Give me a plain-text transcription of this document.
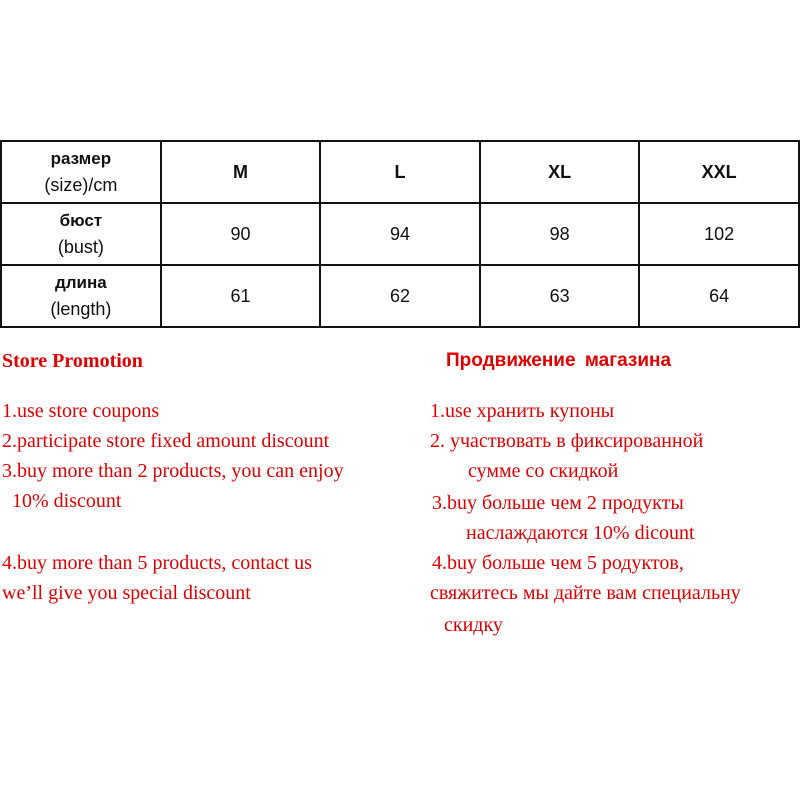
размер
(size)/cm	M	L	XL	XXL

бюст
(bust)	90	94	98	102

длина
(length)	61	62	63	64
Store Promotion	Продвижение магазина
1.use store coupons
2.participate store fixed amount discount
3.buy more than 2 products, you can enjoy
10% discount
4.buy more than 5 products, contact us
we’ll give you special discount
1.use хранить купоны
2. участвовать в фиксированной
сумме со скидкой
3.buy больше чем 2 продукты
наслаждаются 10% dicount
4.buy больше чем 5 родуктов,
свяжитесь мы дайте вам специальну
скидку
